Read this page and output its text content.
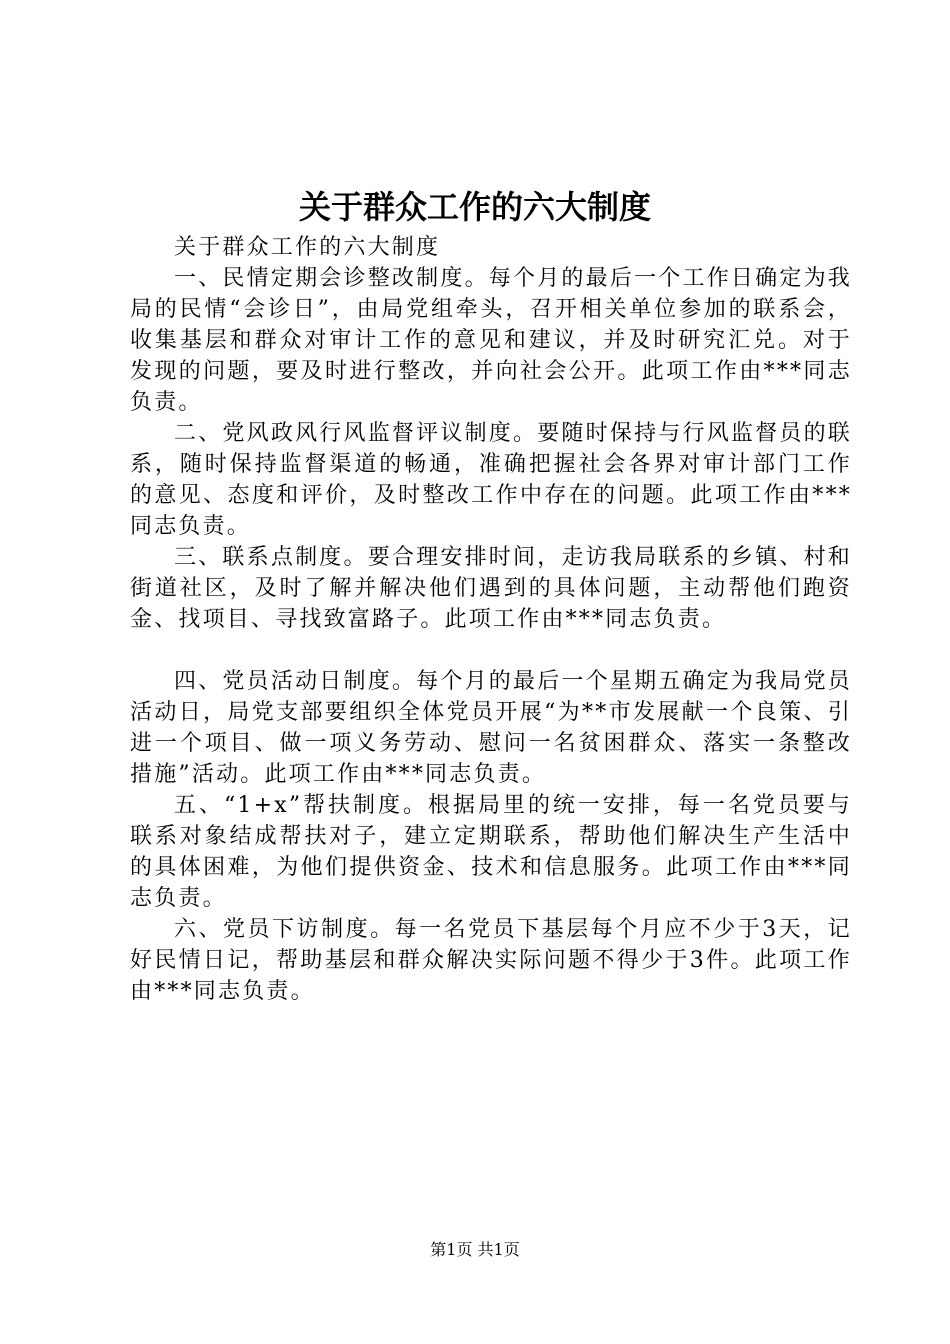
关于群众工作的六大制度

关于群众工作的六大制度

一、民情定期会诊整改制度。每个月的最后一个工作日确定为我局的民情“会诊日”，由局党组牵头，召开相关单位参加的联系会，收集基层和群众对审计工作的意见和建议，并及时研究汇兑。对于发现的问题，要及时进行整改，并向社会公开。此项工作由***同志负责。

二、党风政风行风监督评议制度。要随时保持与行风监督员的联系，随时保持监督渠道的畅通，准确把握社会各界对审计部门工作的意见、态度和评价，及时整改工作中存在的问题。此项工作由***同志负责。

三、联系点制度。要合理安排时间，走访我局联系的乡镇、村和街道社区，及时了解并解决他们遇到的具体问题，主动帮他们跑资金、找项目、寻找致富路子。此项工作由***同志负责。

四、党员活动日制度。每个月的最后一个星期五确定为我局党员活动日，局党支部要组织全体党员开展“为**市发展献一个良策、引进一个项目、做一项义务劳动、慰问一名贫困群众、落实一条整改措施”活动。此项工作由***同志负责。

五、“1+x”帮扶制度。根据局里的统一安排，每一名党员要与联系对象结成帮扶对子，建立定期联系，帮助他们解决生产生活中的具体困难，为他们提供资金、技术和信息服务。此项工作由***同志负责。

六、党员下访制度。每一名党员下基层每个月应不少于3天，记好民情日记，帮助基层和群众解决实际问题不得少于3件。此项工作由***同志负责。

第1页 共1页
